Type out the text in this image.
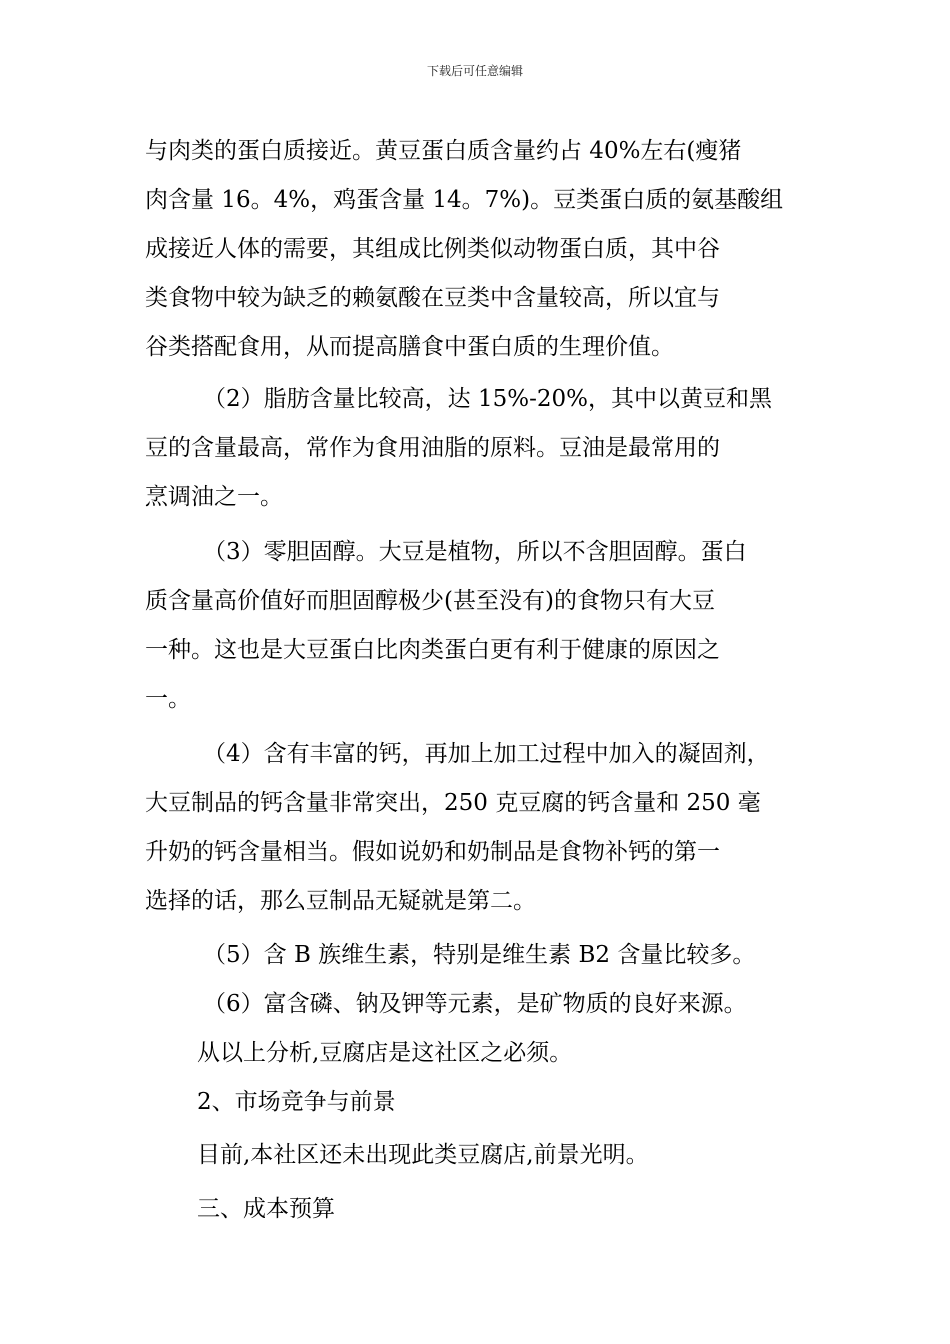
下载后可任意编辑
与肉类的蛋白质接近。黄豆蛋白质含量约占 40%左右(瘦猪
肉含量 16。4%，鸡蛋含量 14。7%)。豆类蛋白质的氨基酸组
成接近人体的需要，其组成比例类似动物蛋白质，其中谷
类食物中较为缺乏的赖氨酸在豆类中含量较高，所以宜与
谷类搭配食用，从而提高膳食中蛋白质的生理价值。
（2）脂肪含量比较高，达 15%-20%，其中以黄豆和黑
豆的含量最高，常作为食用油脂的原料。豆油是最常用的
烹调油之一。
（3）零胆固醇。大豆是植物，所以不含胆固醇。蛋白
质含量高价值好而胆固醇极少(甚至没有)的食物只有大豆
一种。这也是大豆蛋白比肉类蛋白更有利于健康的原因之
一。
（4）含有丰富的钙，再加上加工过程中加入的凝固剂，
大豆制品的钙含量非常突出，250 克豆腐的钙含量和 250 毫
升奶的钙含量相当。假如说奶和奶制品是食物补钙的第一
选择的话，那么豆制品无疑就是第二。
（5）含 B 族维生素，特别是维生素 B2 含量比较多。
（6）富含磷、钠及钾等元素，是矿物质的良好来源。
从以上分析,豆腐店是这社区之必须。
2、市场竞争与前景
目前,本社区还未出现此类豆腐店,前景光明。
三、成本预算
